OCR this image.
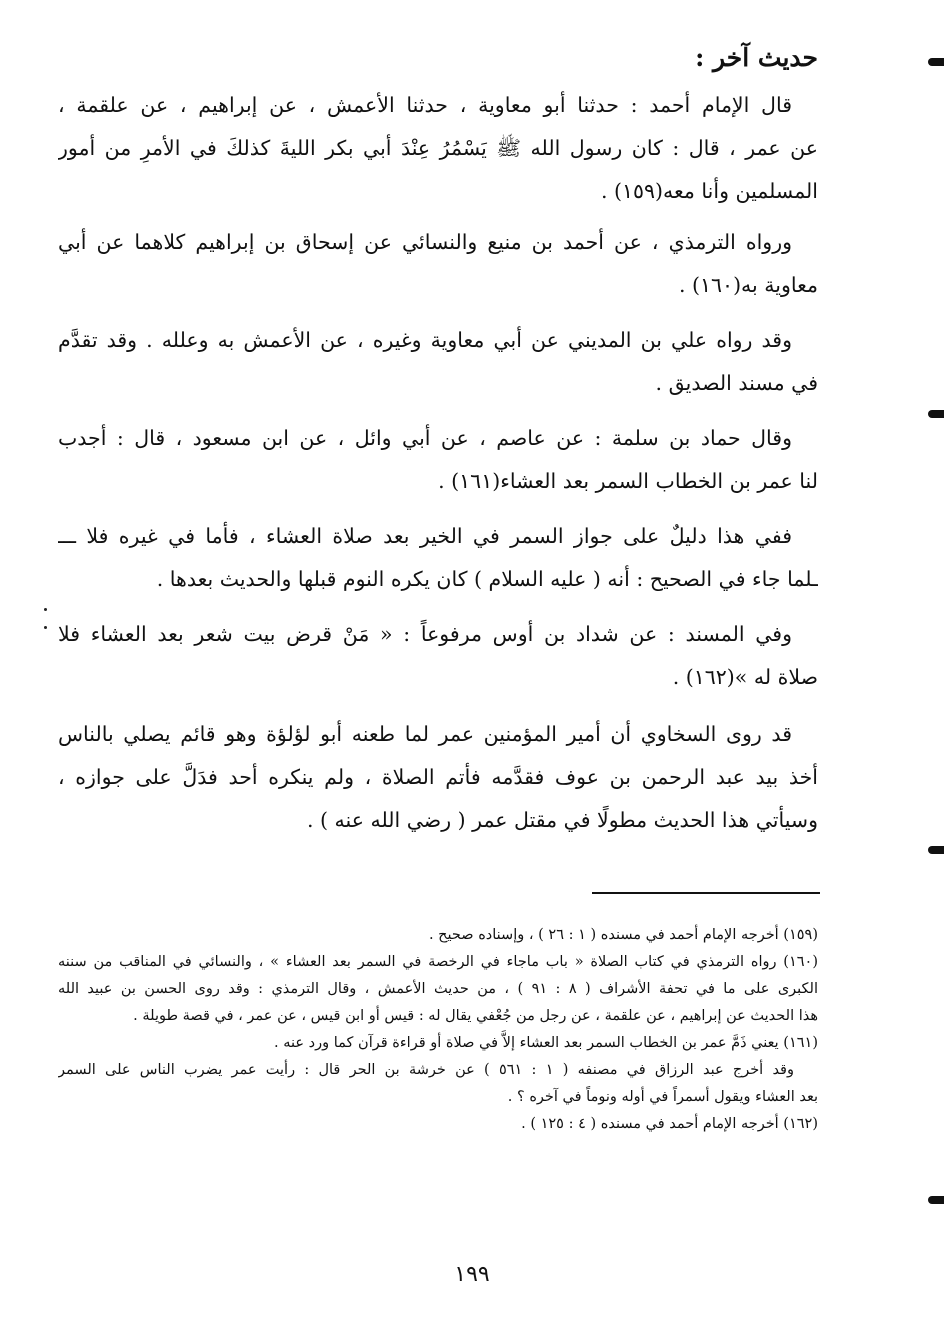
حديث آخر :
قال الإمام أحمد : حدثنا أبو معاوية ، حدثنا الأعمش ، عن إبراهيم ، عن علقمة ،
عن عمر ، قال : كان رسول الله ﷺ يَسْمُرُ عِنْدَ أبي بكر الليةَ كذلكَ في الأمرِ من أمور
المسلمين وأنا معه(١٥٩) .
ورواه الترمذي ، عن أحمد بن منيع والنسائي عن إسحاق بن إبراهيم كلاهما عن أبي
معاوية به(١٦٠) .
وقد رواه علي بن المديني عن أبي معاوية وغيره ، عن الأعمش به وعلله . وقد تقدَّم
في مسند الصديق .
وقال حماد بن سلمة : عن عاصم ، عن أبي وائل ، عن ابن مسعود ، قال : أجدب
لنا عمر بن الخطاب السمر بعد العشاء(١٦١) .
ففي هذا دليلٌ على جواز السمر في الخير بعد صلاة العشاء ، فأما في غيره فلا ـــ
ـلما جاء في الصحيح : أنه ( عليه السلام ) كان يكره النوم قبلها والحديث بعدها .
وفي المسند : عن شداد بن أوس مرفوعاً : « مَنْ قرض بيت شعر بعد العشاء فلا
صلاة له »(١٦٢) .
قد روى السخاوي أن أمير المؤمنين عمر لما طعنه أبو لؤلؤة وهو قائم يصلي بالناس
أخذ بيد عبد الرحمن بن عوف فقدَّمه فأتم الصلاة ، ولم ينكره أحد فدَلَّ على جوازه ،
وسيأتي هذا الحديث مطولًا في مقتل عمر ( رضي الله عنه ) .
(١٥٩) أخرجه الإمام أحمد في مسنده ( ١ : ٢٦ ) ، وإسناده صحيح .
(١٦٠) رواه الترمذي في كتاب الصلاة « باب ماجاء في الرخصة في السمر بعد العشاء » ، والنسائي في المناقب من سننه
الكبرى على ما في تحفة الأشراف ( ٨ : ٩١ ) ، من حديث الأعمش ، وقال الترمذي : وقد روى الحسن بن عبيد الله
هذا الحديث عن إبراهيم ، عن علقمة ، عن رجل من جُعْفي يقال له : قيس أو ابن قيس ، عن عمر ، في قصة طويلة .
(١٦١) يعني ذَمَّ عمر بن الخطاب السمر بعد العشاء إلاَّ في صلاة أو قراءة قرآن كما ورد عنه .
وقد أخرج عبد الرزاق في مصنفه ( ١ : ٥٦١ ) عن خرشة بن الحر قال : رأيت عمر يضرب الناس على السمر
بعد العشاء ويقول أسمراً في أوله ونوماً في آخره ؟ .
(١٦٢) أخرجه الإمام أحمد في مسنده ( ٤ : ١٢٥ ) .
١٩٩
